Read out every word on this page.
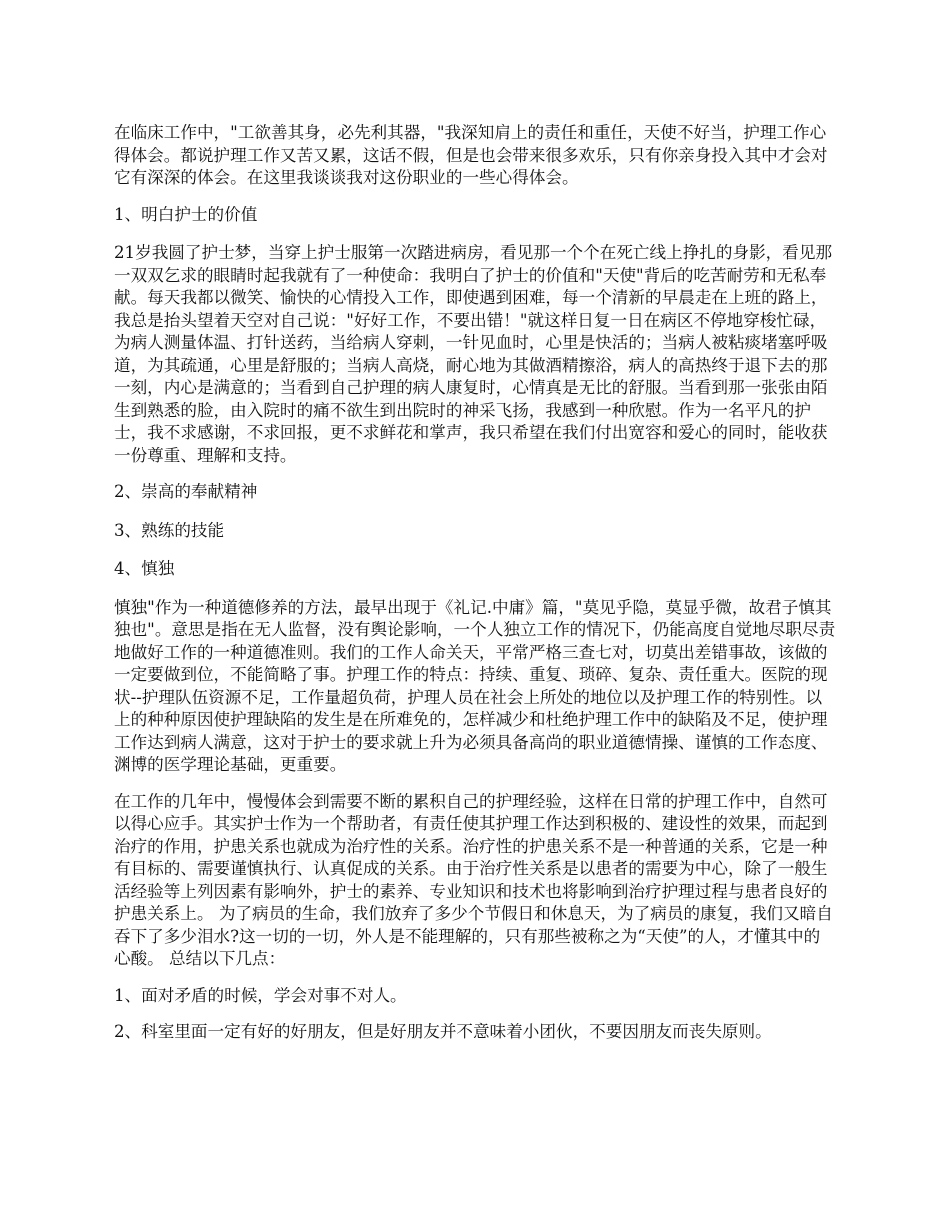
在临床工作中，"工欲善其身，必先利其器，"我深知肩上的责任和重任，天使不好当，护理工作心得体会。都说护理工作又苦又累，这话不假，但是也会带来很多欢乐，只有你亲身投入其中才会对它有深深的体会。在这里我谈谈我对这份职业的一些心得体会。

1、明白护士的价值

21岁我圆了护士梦，当穿上护士服第一次踏进病房，看见那一个个在死亡线上挣扎的身影，看见那一双双乞求的眼睛时起我就有了一种使命：我明白了护士的价值和"天使"背后的吃苦耐劳和无私奉献。每天我都以微笑、愉快的心情投入工作，即使遇到困难，每一个清新的早晨走在上班的路上，我总是抬头望着天空对自己说："好好工作，不要出错！"就这样日复一日在病区不停地穿梭忙碌，为病人测量体温、打针送药，当给病人穿刺，一针见血时，心里是快活的；当病人被粘痰堵塞呼吸道，为其疏通，心里是舒服的；当病人高烧，耐心地为其做酒精擦浴，病人的高热终于退下去的那一刻，内心是满意的；当看到自己护理的病人康复时，心情真是无比的舒服。当看到那一张张由陌生到熟悉的脸，由入院时的痛不欲生到出院时的神采飞扬，我感到一种欣慰。作为一名平凡的护士，我不求感谢，不求回报，更不求鲜花和掌声，我只希望在我们付出宽容和爱心的同时，能收获一份尊重、理解和支持。

2、崇高的奉献精神

3、熟练的技能

4、慎独

慎独"作为一种道德修养的方法，最早出现于《礼记.中庸》篇，"莫见乎隐，莫显乎微，故君子慎其独也"。意思是指在无人监督，没有舆论影响，一个人独立工作的情况下，仍能高度自觉地尽职尽责地做好工作的一种道德准则。我们的工作人命关天，平常严格三查七对，切莫出差错事故，该做的一定要做到位，不能简略了事。护理工作的特点：持续、重复、琐碎、复杂、责任重大。医院的现状--护理队伍资源不足，工作量超负荷，护理人员在社会上所处的地位以及护理工作的特别性。以上的种种原因使护理缺陷的发生是在所难免的，怎样减少和杜绝护理工作中的缺陷及不足，使护理工作达到病人满意，这对于护士的要求就上升为必须具备高尚的职业道德情操、谨慎的工作态度、渊博的医学理论基础，更重要。

在工作的几年中，慢慢体会到需要不断的累积自己的护理经验，这样在日常的护理工作中，自然可以得心应手。其实护士作为一个帮助者，有责任使其护理工作达到积极的、建设性的效果，而起到治疗的作用，护患关系也就成为治疗性的关系。治疗性的护患关系不是一种普通的关系，它是一种有目标的、需要谨慎执行、认真促成的关系。由于治疗性关系是以患者的需要为中心，除了一般生活经验等上列因素有影响外，护士的素养、专业知识和技术也将影响到治疗护理过程与患者良好的护患关系上。 为了病员的生命，我们放弃了多少个节假日和休息天，为了病员的康复，我们又暗自吞下了多少泪水?这一切的一切，外人是不能理解的，只有那些被称之为“天使”的人，才懂其中的心酸。 总结以下几点：

1、面对矛盾的时候，学会对事不对人。

2、科室里面一定有好的好朋友，但是好朋友并不意味着小团伙，不要因朋友而丧失原则。
